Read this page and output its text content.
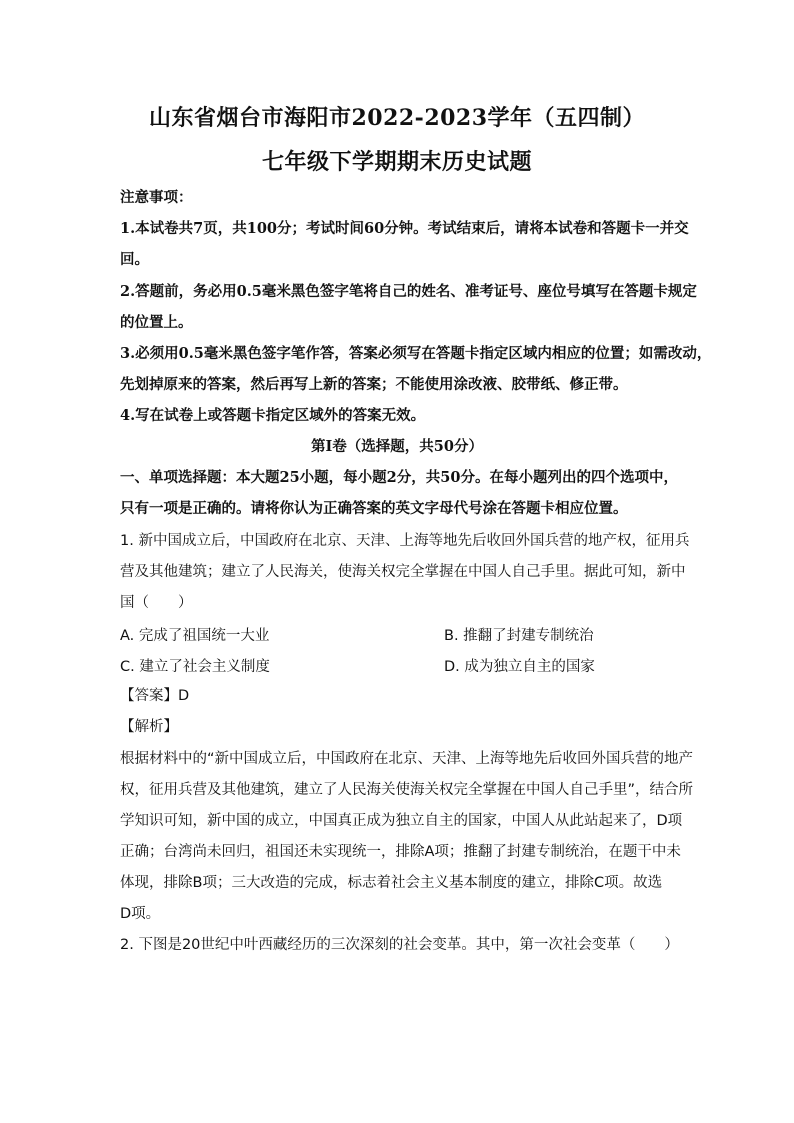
山东省烟台市海阳市2022-2023学年（五四制）
七年级下学期期末历史试题
注意事项：
1.本试卷共7页，共100分；考试时间60分钟。考试结束后，请将本试卷和答题卡一并交
回。
2.答题前，务必用0.5毫米黑色签字笔将自己的姓名、准考证号、座位号填写在答题卡规定
的位置上。
3.必须用0.5毫米黑色签字笔作答，答案必须写在答题卡指定区域内相应的位置；如需改动，
先划掉原来的答案，然后再写上新的答案；不能使用涂改液、胶带纸、修正带。
4.写在试卷上或答题卡指定区域外的答案无效。
第Ⅰ卷（选择题，共50分）
一、单项选择题：本大题25小题，每小题2分，共50分。在每小题列出的四个选项中，
只有一项是正确的。请将你认为正确答案的英文字母代号涂在答题卡相应位置。
1. 新中国成立后，中国政府在北京、天津、上海等地先后收回外国兵营的地产权，征用兵
营及其他建筑；建立了人民海关，使海关权完全掌握在中国人自己手里。据此可知，新中
国（　　）
A. 完成了祖国统一大业	B. 推翻了封建专制统治
C. 建立了社会主义制度	D. 成为独立自主的国家
【答案】D
【解析】
根据材料中的“新中国成立后，中国政府在北京、天津、上海等地先后收回外国兵营的地产
权，征用兵营及其他建筑，建立了人民海关使海关权完全掌握在中国人自己手里”，结合所
学知识可知，新中国的成立，中国真正成为独立自主的国家，中国人从此站起来了，D项
正确；台湾尚未回归，祖国还未实现统一，排除A项；推翻了封建专制统治，在题干中未
体现，排除B项；三大改造的完成，标志着社会主义基本制度的建立，排除C项。故选
D项。
2. 下图是20世纪中叶西藏经历的三次深刻的社会变革。其中，第一次社会变革（　　）
